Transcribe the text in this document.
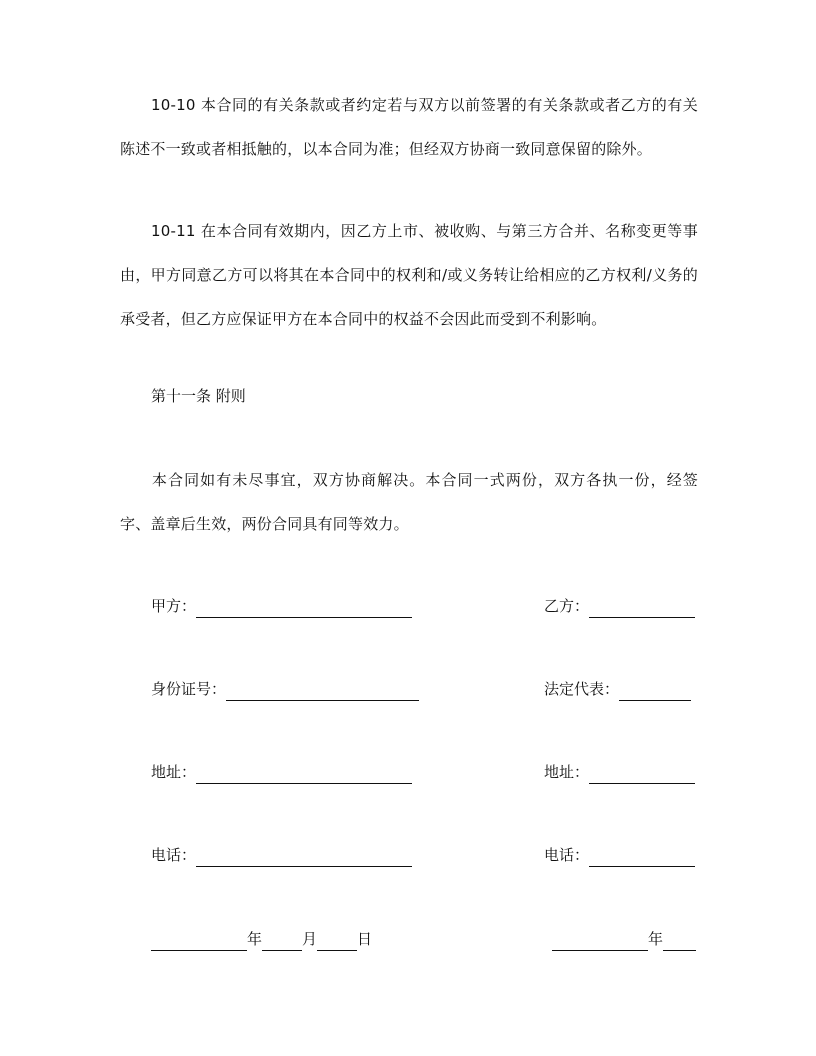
10-10 本合同的有关条款或者约定若与双方以前签署的有关条款或者乙方的有关陈述不一致或者相抵触的，以本合同为准；但经双方协商一致同意保留的除外。
10-11 在本合同有效期内，因乙方上市、被收购、与第三方合并、名称变更等事由，甲方同意乙方可以将其在本合同中的权利和/或义务转让给相应的乙方权利/义务的承受者，但乙方应保证甲方在本合同中的权益不会因此而受到不利影响。
第十一条 附则
本合同如有未尽事宜，双方协商解决。本合同一式两份，双方各执一份，经签字、盖章后生效，两份合同具有同等效力。
甲方：	乙方：
身份证号：	法定代表：
地址：	地址：
电话：	电话：
年	月	日	年
